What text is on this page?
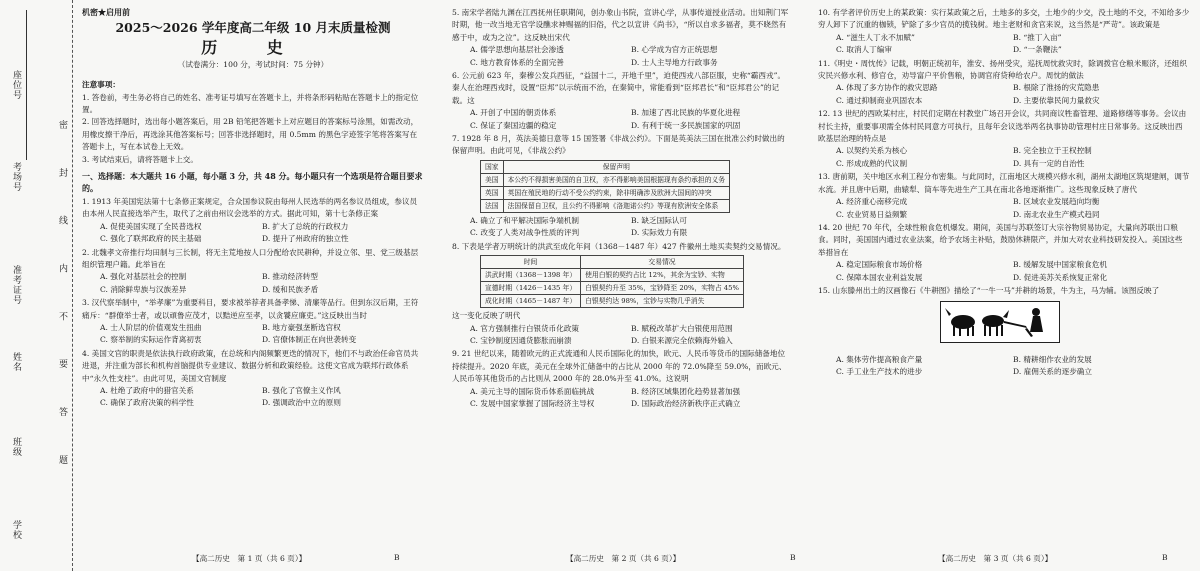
座位号
考场号
准考证号
姓名
班级
学校
密 封 线 内 不 要 答 题
机密★启用前
2025～2026 学年度高二年级 10 月末质量检测
历 史
（试卷满分：100 分，考试时间：75 分钟）
注意事项：

1. 答卷前，考生务必将自己的姓名、准考证号填写在答题卡上，并将条形码粘贴在答题卡上的指定位置。

2. 回答选择题时，选出每小题答案后，用 2B 铅笔把答题卡上对应题目的答案标号涂黑，如需改动，用橡皮擦干净后，再选涂其他答案标号；回答非选择题时，用 0.5mm 的黑色字迹签字笔将答案写在答题卡上，写在本试卷上无效。

3. 考试结束后，请将答题卡上交。

一、选择题：本大题共 16 小题，每小题 3 分，共 48 分。每小题只有一个选项是符合题目要求的。

1. 1913 年美国宪法第十七条修正案规定，合众国参议院由每州人民选举的两名参议员组成，参议员由本州人民直接选举产生，取代了之前由州议会选举的方式。据此可知，第十七条修正案

A. 促使美国实现了全民普选权	B. 扩大了总统的行政权力
C. 强化了联邦政府的民主基础	D. 提升了州政府的独立性

2. 北魏孝文帝推行均田制与三长制，将无主荒地按人口分配给农民耕种，并设立邻、里、党三级基层组织管理户籍。此举旨在

A. 强化对基层社会的控制	B. 推动经济转型
C. 消除鲜卑族与汉族差异	D. 缓和民族矛盾

3. 汉代察举制中，“举孝廉”为重要科目，要求被举荐者具备孝悌、清廉等品行。但到东汉后期，王符痛斥：“群僚举士者，或以頑鲁应茂才，以黠逆应至孝，以贪饕应廉吏。”这反映出当时

A. 士人阶层的价值观发生扭曲	B. 地方豪强垄断选官权
C. 察举制的实际运作背离初衷	D. 官僚体制正在向世袭转变

4. 美国文官的职责是依法执行政府政策，在总统和内阁频繁更迭的情况下，他们不与政治任命官员共进退，并注重为部长和机构首脑提供专业建议、数据分析和政策经验。这使文官成为联邦行政体系中“永久性支柱”。由此可见，美国文官制度

A. 杜绝了政府中的猎官关系	B. 强化了官僚主义作风
C. 确保了政府决策的科学性	D. 强调政治中立的原则
【高二历史　第 1 页（共 6 页）】	B

5. 南宋学者陆九渊在江西抚州任职期间，创办象山书院，宣讲心学，从事传道授业活动。出知荆门军时期，他一改当地无官学设醮求神赐福的旧俗，代之以宣讲《尚书》，“所以自求多福者，莫不晓然有感于中，或为之泣”。这反映出宋代

A. 儒学思想向基层社会渗透	B. 心学成为官方正统思想
C. 地方教育体系的全面完善	D. 士人主导地方行政事务

6. 公元前 623 年，秦穆公发兵西征，“益国十二，开地千里”，迫使西戎八部臣服，史称“霸西戎”。秦人在治理西戎时，设置“臣邦”以示统而不治，在秦简中，常能看到“臣邦君长”和“臣邦君公”的记载。这

A. 开创了中国的朝贡体系	B. 加速了西北民族的华夏化进程
C. 保证了秦国边疆的稳定	D. 有利于统一多民族国家的巩固

7. 1928 年 8 月，英法美德日意等 15 国签署《非战公约》。下面是英美法三国在批准公约时做出的保留声明。由此可见，《非战公约》

国家	保留声明
美国	本公约不得损害美国的自卫权，亦不得影响美国根据现有条约承担的义务
英国	英国在殖民地的行动不受公约约束，除非明确涉及欧洲大国间的冲突
法国	法国保留自卫权，且公约不得影响《洛迦诺公约》等现有欧洲安全体系
A. 确立了和平解决国际争端机制	B. 缺乏国际认可
C. 改变了人类对战争性质的评判	D. 实际效力有限

8. 下表是学者万明统计的洪武至成化年间（1368－1487 年）427 件徽州土地买卖契约交易情况。

时间	交易情况
洪武时期（1368－1398 年）	使用白银的契约占比 12%，其余为宝钞、实物
宣德时期（1426－1435 年）	白银契约升至 35%，宝钞降至 20%，实物占 45%
成化时期（1465－1487 年）	白银契约达 98%，宝钞与实物几乎消失

这一变化反映了明代

A. 官方强制推行白银货币化政策	B. 赋税改革扩大白银使用范围
C. 宝钞制度因通货膨胀而崩溃	D. 白银来源完全依赖海外输入

9. 21 世纪以来，随着欧元的正式流通和人民币国际化的加快，欧元、人民币等货币的国际储备地位持续提升。2020 年底，美元在全球外汇储备中的占比从 2000 年的 72.0%降至 59.0%，而欧元、人民币等其他货币的占比则从 2000 年的 28.0%升至 41.0%。这说明

A. 美元主导的国际货币体系面临挑战	B. 经济区域集团化趋势显著加强
C. 发展中国家掌握了国际经济主导权	D. 国际政治经济新秩序正式确立
【高二历史　第 2 页（共 6 页）】	B

10. 有学者评价历史上的某政策：实行某政策之后，土地多的多交，土地少的少交，没土地的不交，不知给多少穷人卸下了沉重的枷锁，铲除了多少官员的揽钱树。地主老财和贪官来说，这当然是“严苛”。该政策是

A. “滋生人丁永不加赋”	B. “推丁入亩”
C. 取消人丁编审	D. “一条鞭法”

11.《明史・周忱传》记载，明朝正统初年，淮安、扬州受灾，巡抚周忱救灾时，除调拨官仓粮米赈济，还组织灾民兴修水利、修官仓，劝导富户平价售粮，协调官府贷种给农户。周忱的做法

A. 体现了多方协作的救灾思路	B. 根除了淮扬的灾荒隐患
C. 通过抑制商业巩固农本	D. 主要依靠民间力量救灾

12. 13 世纪的西欧某村庄，村民们定期在村教堂广场召开会议，共同商议牲畜管理、道路修缮等事务。会议由村长主持，重要事项需全体村民同意方可执行，且每年会议选举两名执事协助管理村庄日常事务。这反映出西欧基层治理的特点是

A. 以契约关系为核心	B. 完全独立于王权控制
C. 形成成熟的代议制	D. 具有一定的自治性

13. 唐前期，关中地区水利工程分布密集。与此同时，江南地区大规模兴修水利，湖州太湖地区筑堤建闸，调节水流。并且唐中后期，曲辕犁、筒车等先进生产工具在南北各地逐渐推广。这些现象反映了唐代

A. 经济重心南移完成	B. 区域农业发展趋向均衡
C. 农业贸易日益频繁	D. 南北农业生产模式趋同

14. 20 世纪 70 年代，全球性粮食危机爆发。期间，美国与苏联签订大宗谷物贸易协定，大量向苏联出口粮食。同时，美国国内通过农业法案，给予农场主补贴，鼓励休耕限产，并加大对农业科技研发投入。美国这些举措旨在

A. 稳定国际粮食市场价格	B. 缓解发展中国家粮食危机
C. 保障本国农业利益发展	D. 促进美苏关系恢复正常化

15. 山东滕州出土的汉画像石《牛耕图》描绘了“一牛一马”并耕的场景，牛为主，马为辅。该图反映了

A. 集体劳作提高粮食产量	B. 精耕细作农业的发展
C. 手工业生产技术的进步	D. 雇佣关系的逐步确立
【高二历史　第 3 页（共 6 页）】	B
